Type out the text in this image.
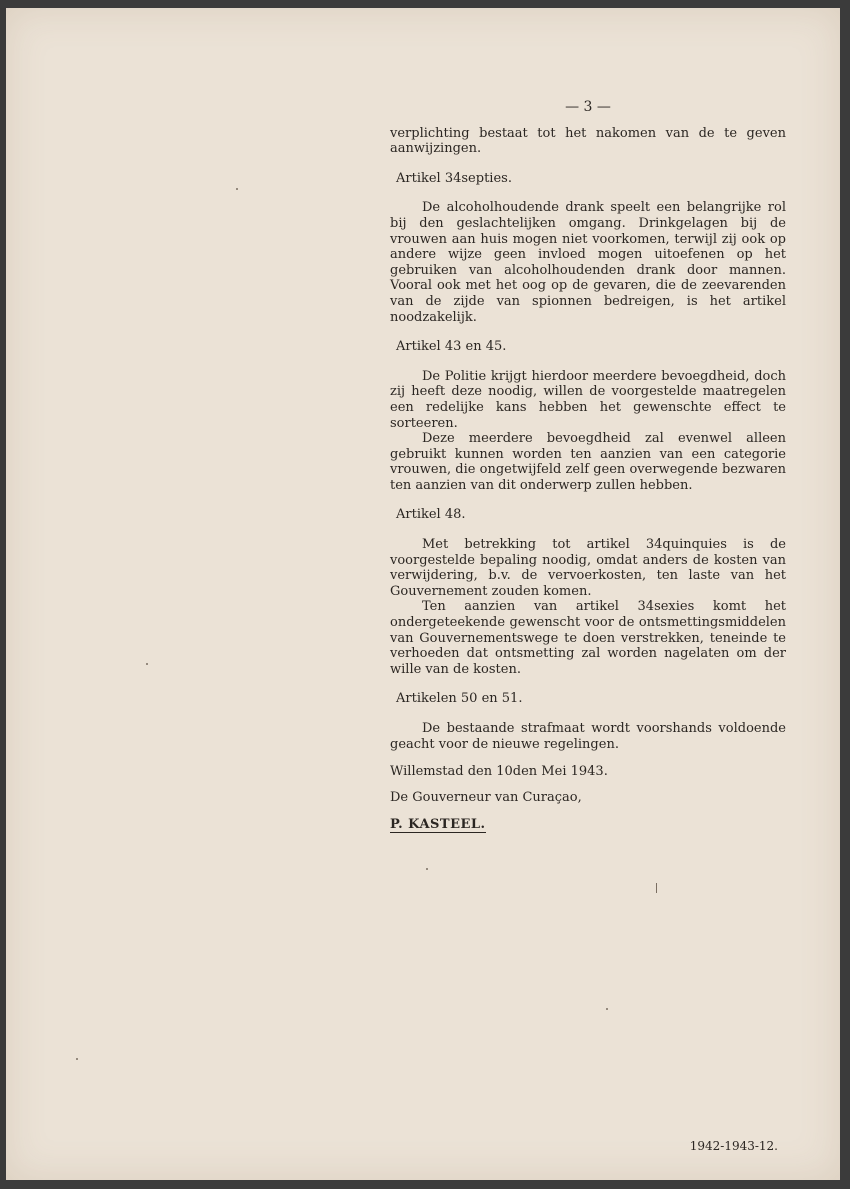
— 3 —

verplichting bestaat tot het nakomen van de te geven aanwijzingen.

Artikel 34septies.

De alcoholhoudende drank speelt een belangrijke rol bij den geslachtelijken omgang. Drinkgelagen bij de vrouwen aan huis mogen niet voorkomen, terwijl zij ook op andere wijze geen invloed mogen uitoefenen op het gebruiken van alcoholhoudenden drank door mannen. Vooral ook met het oog op de gevaren, die de zeevarenden van de zijde van spionnen bedreigen, is het artikel noodzakelijk.

Artikel 43 en 45.

De Politie krijgt hierdoor meerdere bevoegdheid, doch zij heeft deze noodig, willen de voorgestelde maatregelen een redelijke kans hebben het gewenschte effect te sorteeren.

Deze meerdere bevoegdheid zal evenwel alleen gebruikt kunnen worden ten aanzien van een categorie vrouwen, die ongetwijfeld zelf geen overwegende bezwaren ten aanzien van dit onderwerp zullen hebben.

Artikel 48.

Met betrekking tot artikel 34quinquies is de voorgestelde bepaling noodig, omdat anders de kosten van verwijdering, b.v. de vervoerkosten, ten laste van het Gouvernement zouden komen.

Ten aanzien van artikel 34sexies komt het ondergeteekende gewenscht voor de ontsmettingsmiddelen van Gouvernementswege te doen verstrekken, teneinde te verhoeden dat ontsmetting zal worden nagelaten om der wille van de kosten.

Artikelen 50 en 51.

De bestaande strafmaat wordt voorshands voldoende geacht voor de nieuwe regelingen.

Willemstad den 10den Mei 1943.

De Gouverneur van Curaçao,

P. KASTEEL.

1942-1943-12.
